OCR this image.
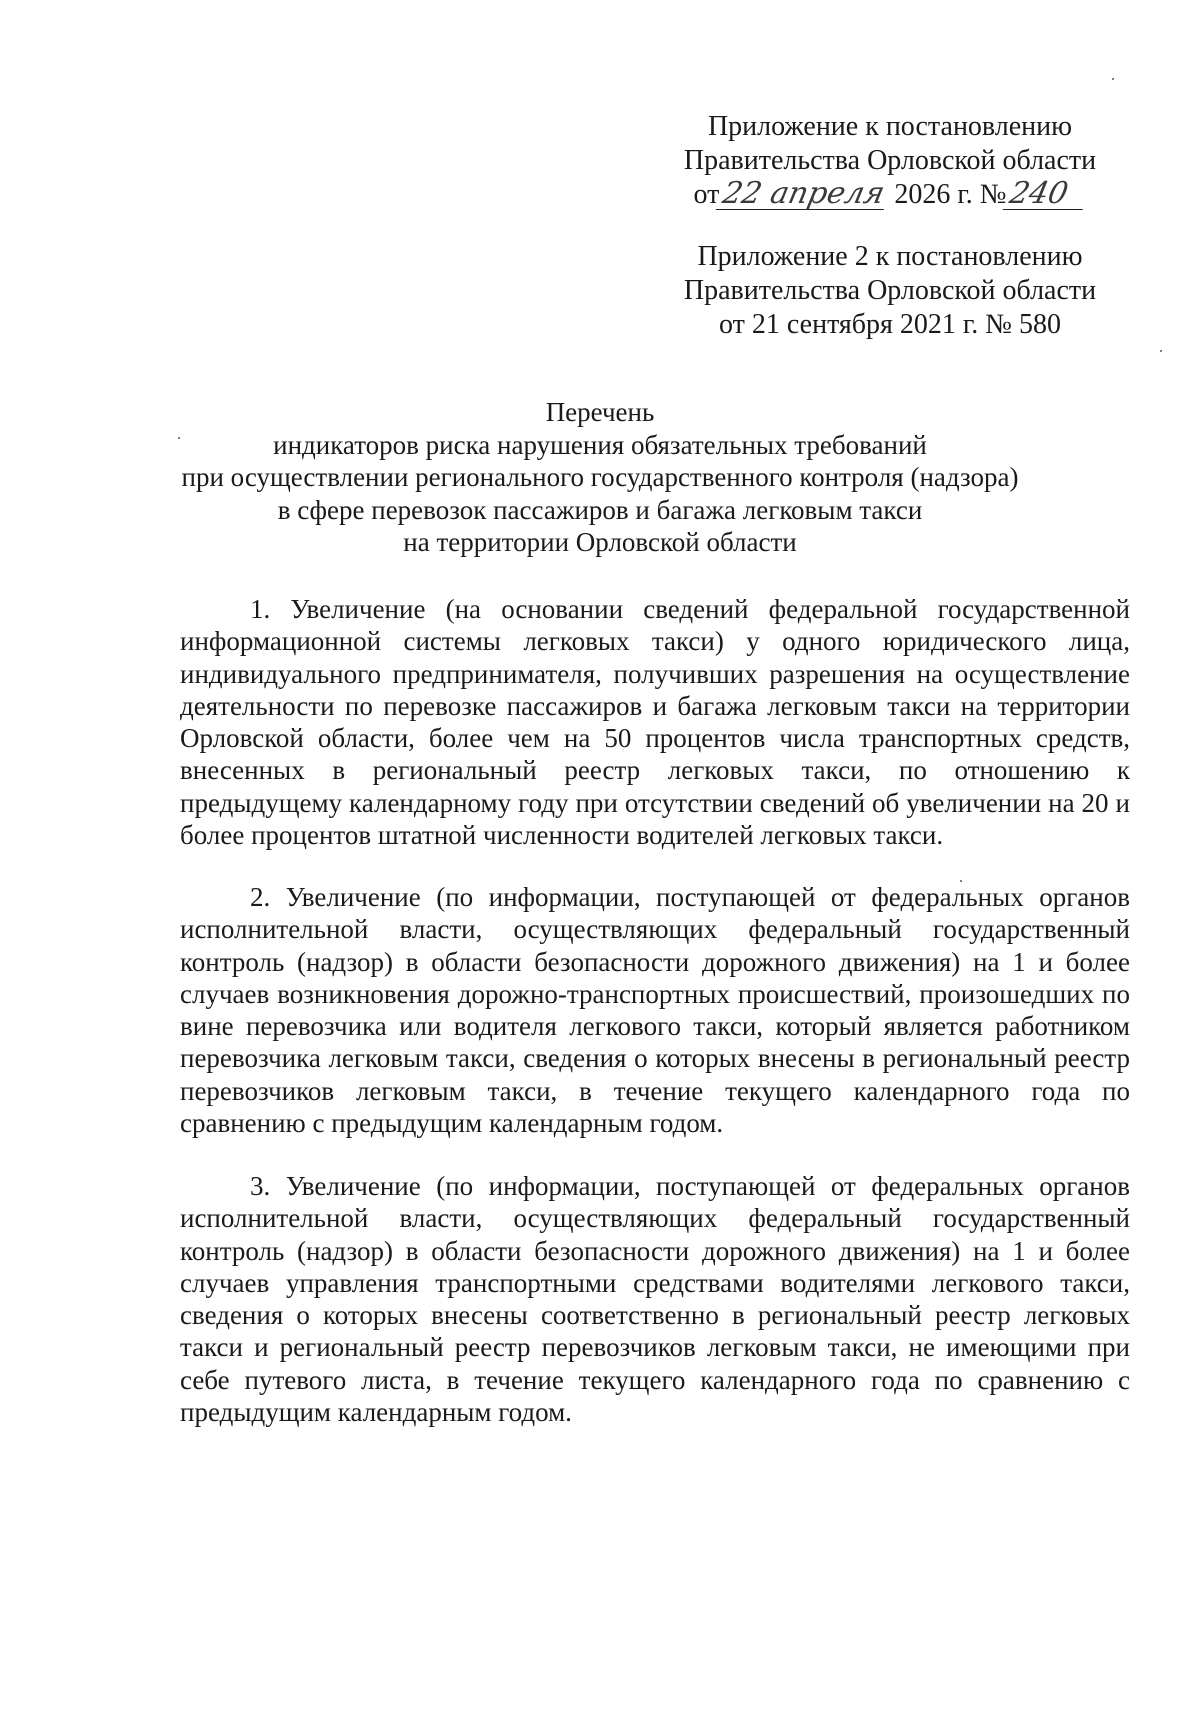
Приложение к постановлению
Правительства Орловской области
от22 апреля 2026 г. №240
Приложение 2 к постановлению
Правительства Орловской области
от 21 сентября 2021 г. № 580
Перечень
индикаторов риска нарушения обязательных требований
при осуществлении регионального государственного контроля (надзора)
в сфере перевозок пассажиров и багажа легковым такси
на территории Орловской области

1. Увеличение (на основании сведений федеральной государственной информационной системы легковых такси) у одного юридического лица, индивидуального предпринимателя, получивших разрешения на осуществление деятельности по перевозке пассажиров и багажа легковым такси на территории Орловской области, более чем на 50 процентов числа транспортных средств, внесенных в региональный реестр легковых такси, по отношению к предыдущему календарному году при отсутствии сведений об увеличении на 20 и более процентов штатной численности водителей легковых такси.

2. Увеличение (по информации, поступающей от федеральных органов исполнительной власти, осуществляющих федеральный государственный контроль (надзор) в области безопасности дорожного движения) на 1 и более случаев возникновения дорожно-транспортных происшествий, произошедших по вине перевозчика или водителя легкового такси, который является работником перевозчика легковым такси, сведения о которых внесены в региональный реестр перевозчиков легковым такси, в течение текущего календарного года по сравнению с предыдущим календарным годом.

3. Увеличение (по информации, поступающей от федеральных органов исполнительной власти, осуществляющих федеральный государственный контроль (надзор) в области безопасности дорожного движения) на 1 и более случаев управления транспортными средствами водителями легкового такси, сведения о которых внесены соответственно в региональный реестр легковых такси и региональный реестр перевозчиков легковым такси, не имеющими при себе путевого листа, в течение текущего календарного года по сравнению с предыдущим календарным годом.
